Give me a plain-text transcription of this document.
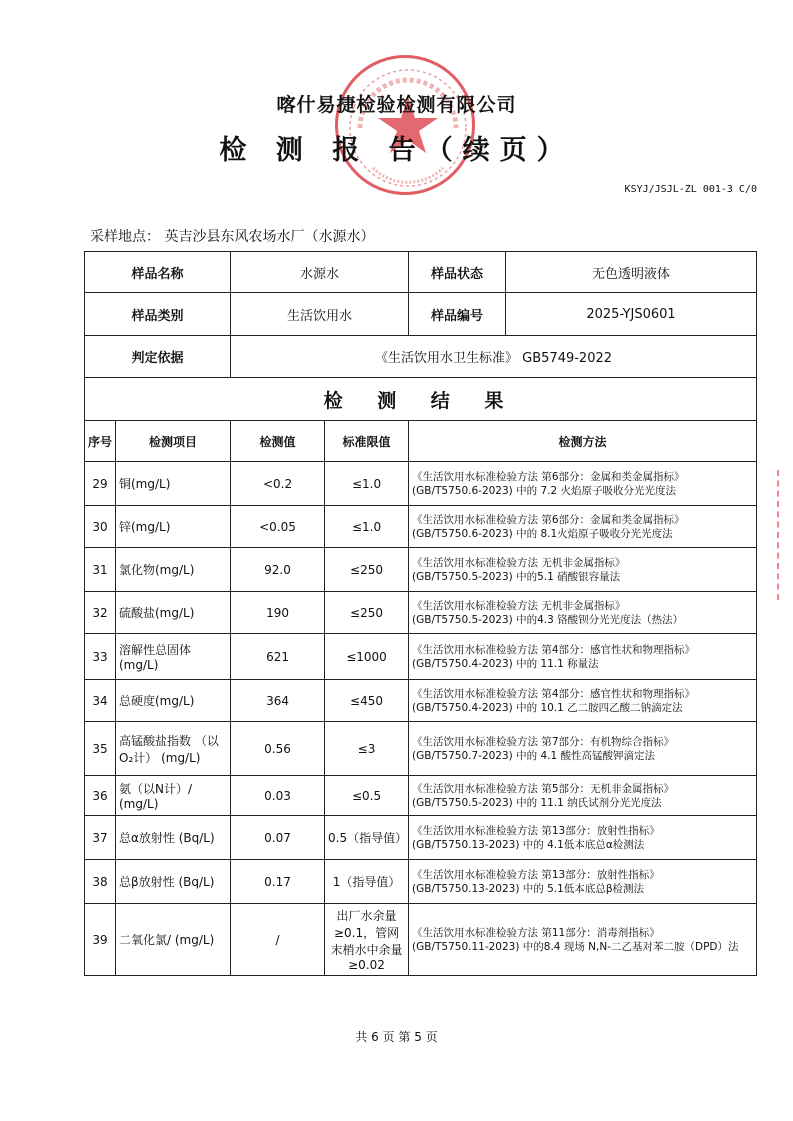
喀什易捷检验检测有限公司
检 测 报 告（续页）
KSYJ/JSJL-ZL 001-3 C/0
采样地点： 英吉沙县东风农场水厂（水源水）
样品名称		水源水		样品状态	无色透明液体
样品类别		生活饮用水		样品编号	2025-YJS0601
判定依据		《生活饮用水卫生标准》 GB5749-2022			
检 测 结 果					
序号	检测项目	检测值	标准限值	检测方法	
29	铜(mg/L)	<0.2	≤1.0	《生活饮用水标准检验方法 第6部分：金属和类金属指标》
(GB/T5750.6-2023) 中的 7.2 火焰原子吸收分光光度法	

30	锌(mg/L)	<0.05	≤1.0	《生活饮用水标准检验方法 第6部分：金属和类金属指标》
(GB/T5750.6-2023) 中的 8.1火焰原子吸收分光光度法	

31	氯化物(mg/L)	92.0	≤250	《生活饮用水标准检验方法 无机非金属指标》
(GB/T5750.5-2023) 中的5.1 硝酸银容量法	

32	硫酸盐(mg/L)	190	≤250	《生活饮用水标准检验方法 无机非金属指标》
(GB/T5750.5-2023) 中的4.3 铬酸钡分光光度法（热法）	

33	溶解性总固体 (mg/L)	621	≤1000	《生活饮用水标准检验方法 第4部分：感官性状和物理指标》
(GB/T5750.4-2023) 中的 11.1 称量法	

34	总硬度(mg/L)	364	≤450	《生活饮用水标准检验方法 第4部分：感官性状和物理指标》
(GB/T5750.4-2023) 中的 10.1 乙二胺四乙酸二钠滴定法	

35	高锰酸盐指数 （以O₂计） (mg/L)	0.56	≤3	《生活饮用水标准检验方法 第7部分：有机物综合指标》
(GB/T5750.7-2023) 中的 4.1 酸性高锰酸钾滴定法	

36	氨（以N计）/ (mg/L)	0.03	≤0.5	《生活饮用水标准检验方法 第5部分：无机非金属指标》
(GB/T5750.5-2023) 中的 11.1 纳氏试剂分光光度法	

37	总α放射性 (Bq/L)	0.07	0.5（指导值）	《生活饮用水标准检验方法 第13部分：放射性指标》
(GB/T5750.13-2023) 中的 4.1低本底总α检测法	

38	总β放射性 (Bq/L)	0.17	1（指导值）	《生活饮用水标准检验方法 第13部分：放射性指标》
(GB/T5750.13-2023) 中的 5.1低本底总β检测法	

39	二氧化氯/ (mg/L)	/	出厂水余量≥0.1，管网末梢水中余量≥0.02	《生活饮用水标准检验方法 第11部分：消毒剂指标》
(GB/T5750.11-2023) 中的8.4 现场 N,N-二乙基对苯二胺（DPD）法	
共 6 页 第 5 页
